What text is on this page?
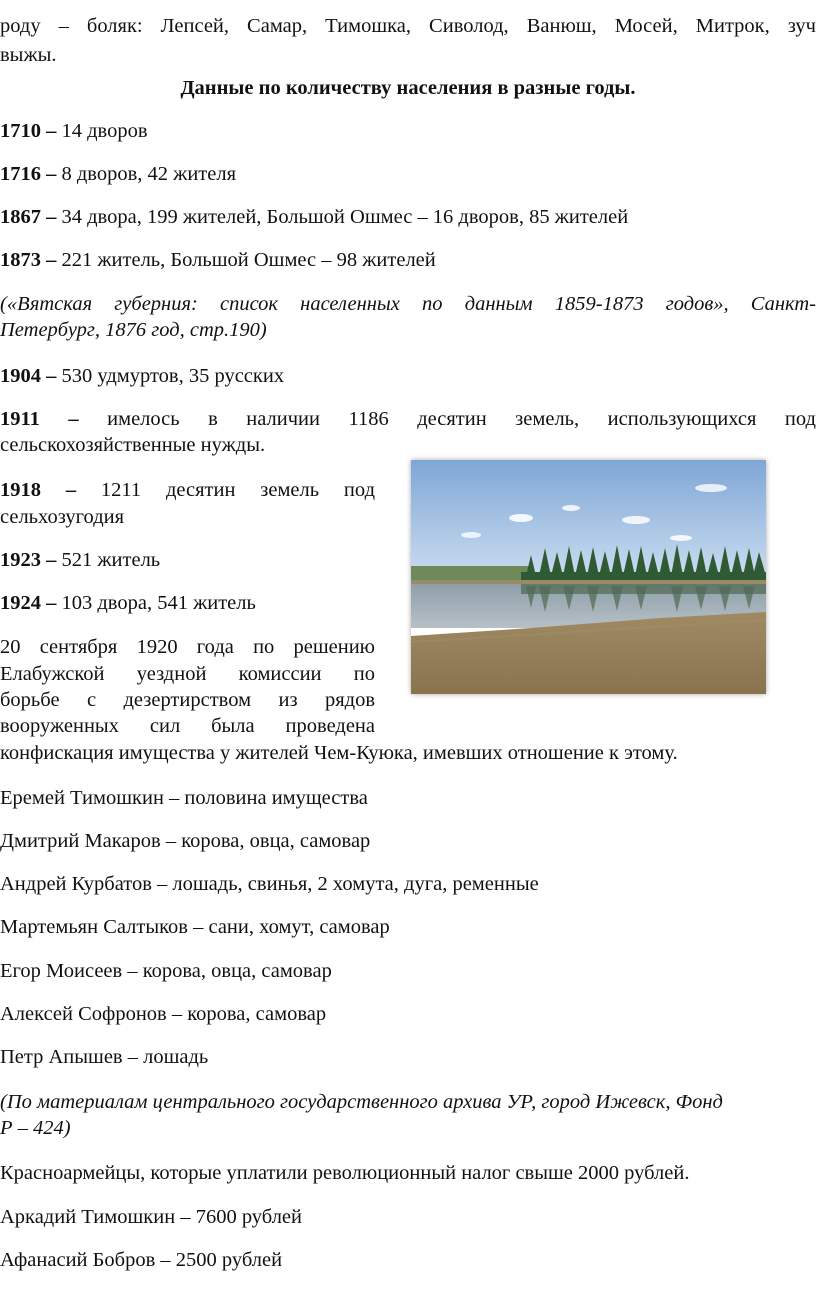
роду – боляк: Лепсей, Самар, Тимошка, Сиволод, Ванюш, Мосей, Митрок, зуч
выжы.
Данные по количеству населения в разные годы.
1710 – 14 дворов
1716 – 8 дворов, 42 жителя
1867 – 34 двора, 199 жителей, Большой Ошмес – 16 дворов, 85 жителей
1873 – 221 житель, Большой Ошмес – 98 жителей
(«Вятская губерния: список населенных по данным 1859-1873 годов», Санкт-
Петербург, 1876 год, стр.190)
1904 – 530 удмуртов, 35 русских
1911 – имелось в наличии 1186 десятин земель, использующихся под
сельскохозяйственные нужды.
1918 – 1211 десятин земель под
сельхозугодия
1923 – 521 житель
1924 – 103 двора, 541 житель
20 сентября 1920 года по решению
Елабужской уездной комиссии по
борьбе с дезертирством из рядов
вооруженных сил была проведена
конфискация имущества у жителей Чем-Куюка, имевших отношение к этому.
Еремей Тимошкин – половина имущества
Дмитрий Макаров – корова, овца, самовар
Андрей Курбатов – лошадь, свинья, 2 хомута, дуга, ременные
Мартемьян Салтыков – сани, хомут, самовар
Егор Моисеев – корова, овца, самовар
Алексей Софронов – корова, самовар
Петр Апышев – лошадь
(По материалам центрального государственного архива УР, город Ижевск, Фонд
Р – 424)
Красноармейцы, которые уплатили революционный налог свыше 2000 рублей.
Аркадий Тимошкин – 7600 рублей
Афанасий Бобров – 2500 рублей
